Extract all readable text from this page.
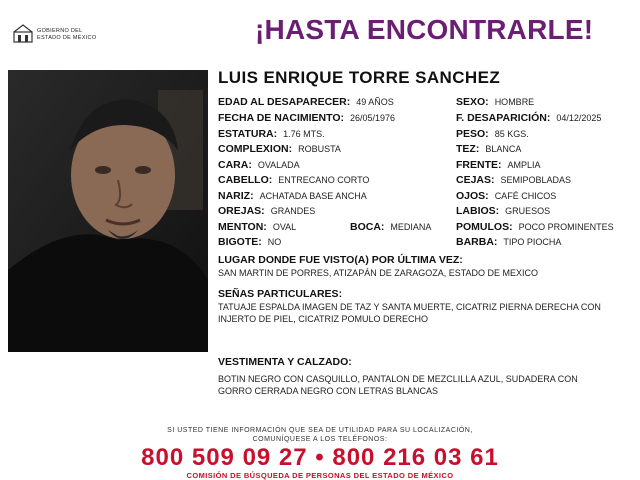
GOBIERNO DEL
ESTADO DE MÉXICO	¡HASTA ENCONTRARLE!
LUIS ENRIQUE TORRE SANCHEZ
EDAD AL DESAPARECER: 49 AÑOS
FECHA DE NACIMIENTO: 26/05/1976
ESTATURA: 1.76 MTS.
COMPLEXION: ROBUSTA
CARA: OVALADA
CABELLO: ENTRECANO CORTO
NARIZ: ACHATADA BASE ANCHA
OREJAS: GRANDES
MENTON: OVAL
BIGOTE: NO
BOCA: MEDIANA
SEXO: HOMBRE
F. DESAPARICIÓN: 04/12/2025
PESO: 85 KGS.
TEZ: BLANCA
FRENTE: AMPLIA
CEJAS: SEMIPOBLADAS
OJOS: CAFÉ CHICOS
LABIOS: GRUESOS
POMULOS: POCO PROMINENTES
BARBA: TIPO PIOCHA
LUGAR DONDE FUE VISTO(A) POR ÚLTIMA VEZ:
SAN MARTIN DE PORRES, ATIZAPÁN DE ZARAGOZA, ESTADO DE MEXICO
SEÑAS PARTICULARES:
TATUAJE ESPALDA IMAGEN DE TAZ Y SANTA MUERTE, CICATRIZ PIERNA DERECHA CON INJERTO DE PIEL, CICATRIZ POMULO DERECHO
VESTIMENTA Y CALZADO:
BOTIN NEGRO CON CASQUILLO, PANTALON DE MEZCLILLA AZUL, SUDADERA CON GORRO CERRADA NEGRO CON LETRAS BLANCAS
SI USTED TIENE INFORMACIÓN QUE SEA DE UTILIDAD PARA SU LOCALIZACIÓN,
COMUNÍQUESE A LOS TELÉFONOS:
800 509 09 27 • 800 216 03 61
COMISIÓN DE BÚSQUEDA DE PERSONAS DEL ESTADO DE MÉXICO
